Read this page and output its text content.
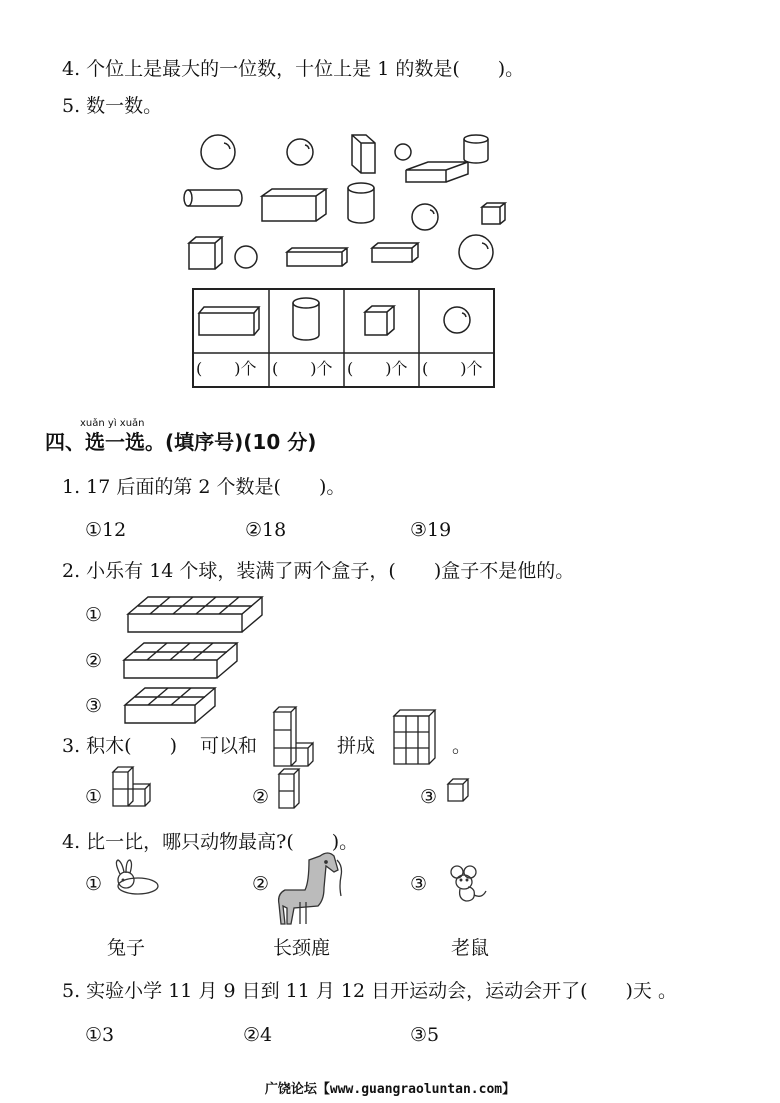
4. 个位上是最大的一位数，十位上是 1 的数是(　　)。
5. 数一数。
(　　)个 (　　)个 (　　)个 (　　)个
xuǎn yì xuǎn
四、选一选。(填序号)(10 分)
1. 17 后面的第 2 个数是(　　)。
①12	②18	③19
2. 小乐有 14 个球，装满了两个盒子，(　　)盒子不是他的。
①
②
③
3. 积木(　　) 可以和	拼成	。
①	②	③
4. 比一比，哪只动物最高?(　　)。
①	②	③
兔子	长颈鹿	老鼠
5. 实验小学 11 月 9 日到 11 月 12 日开运动会，运动会开了(　　)天 。
①3	②4	③5
广饶论坛【www.guangraoluntan.com】
